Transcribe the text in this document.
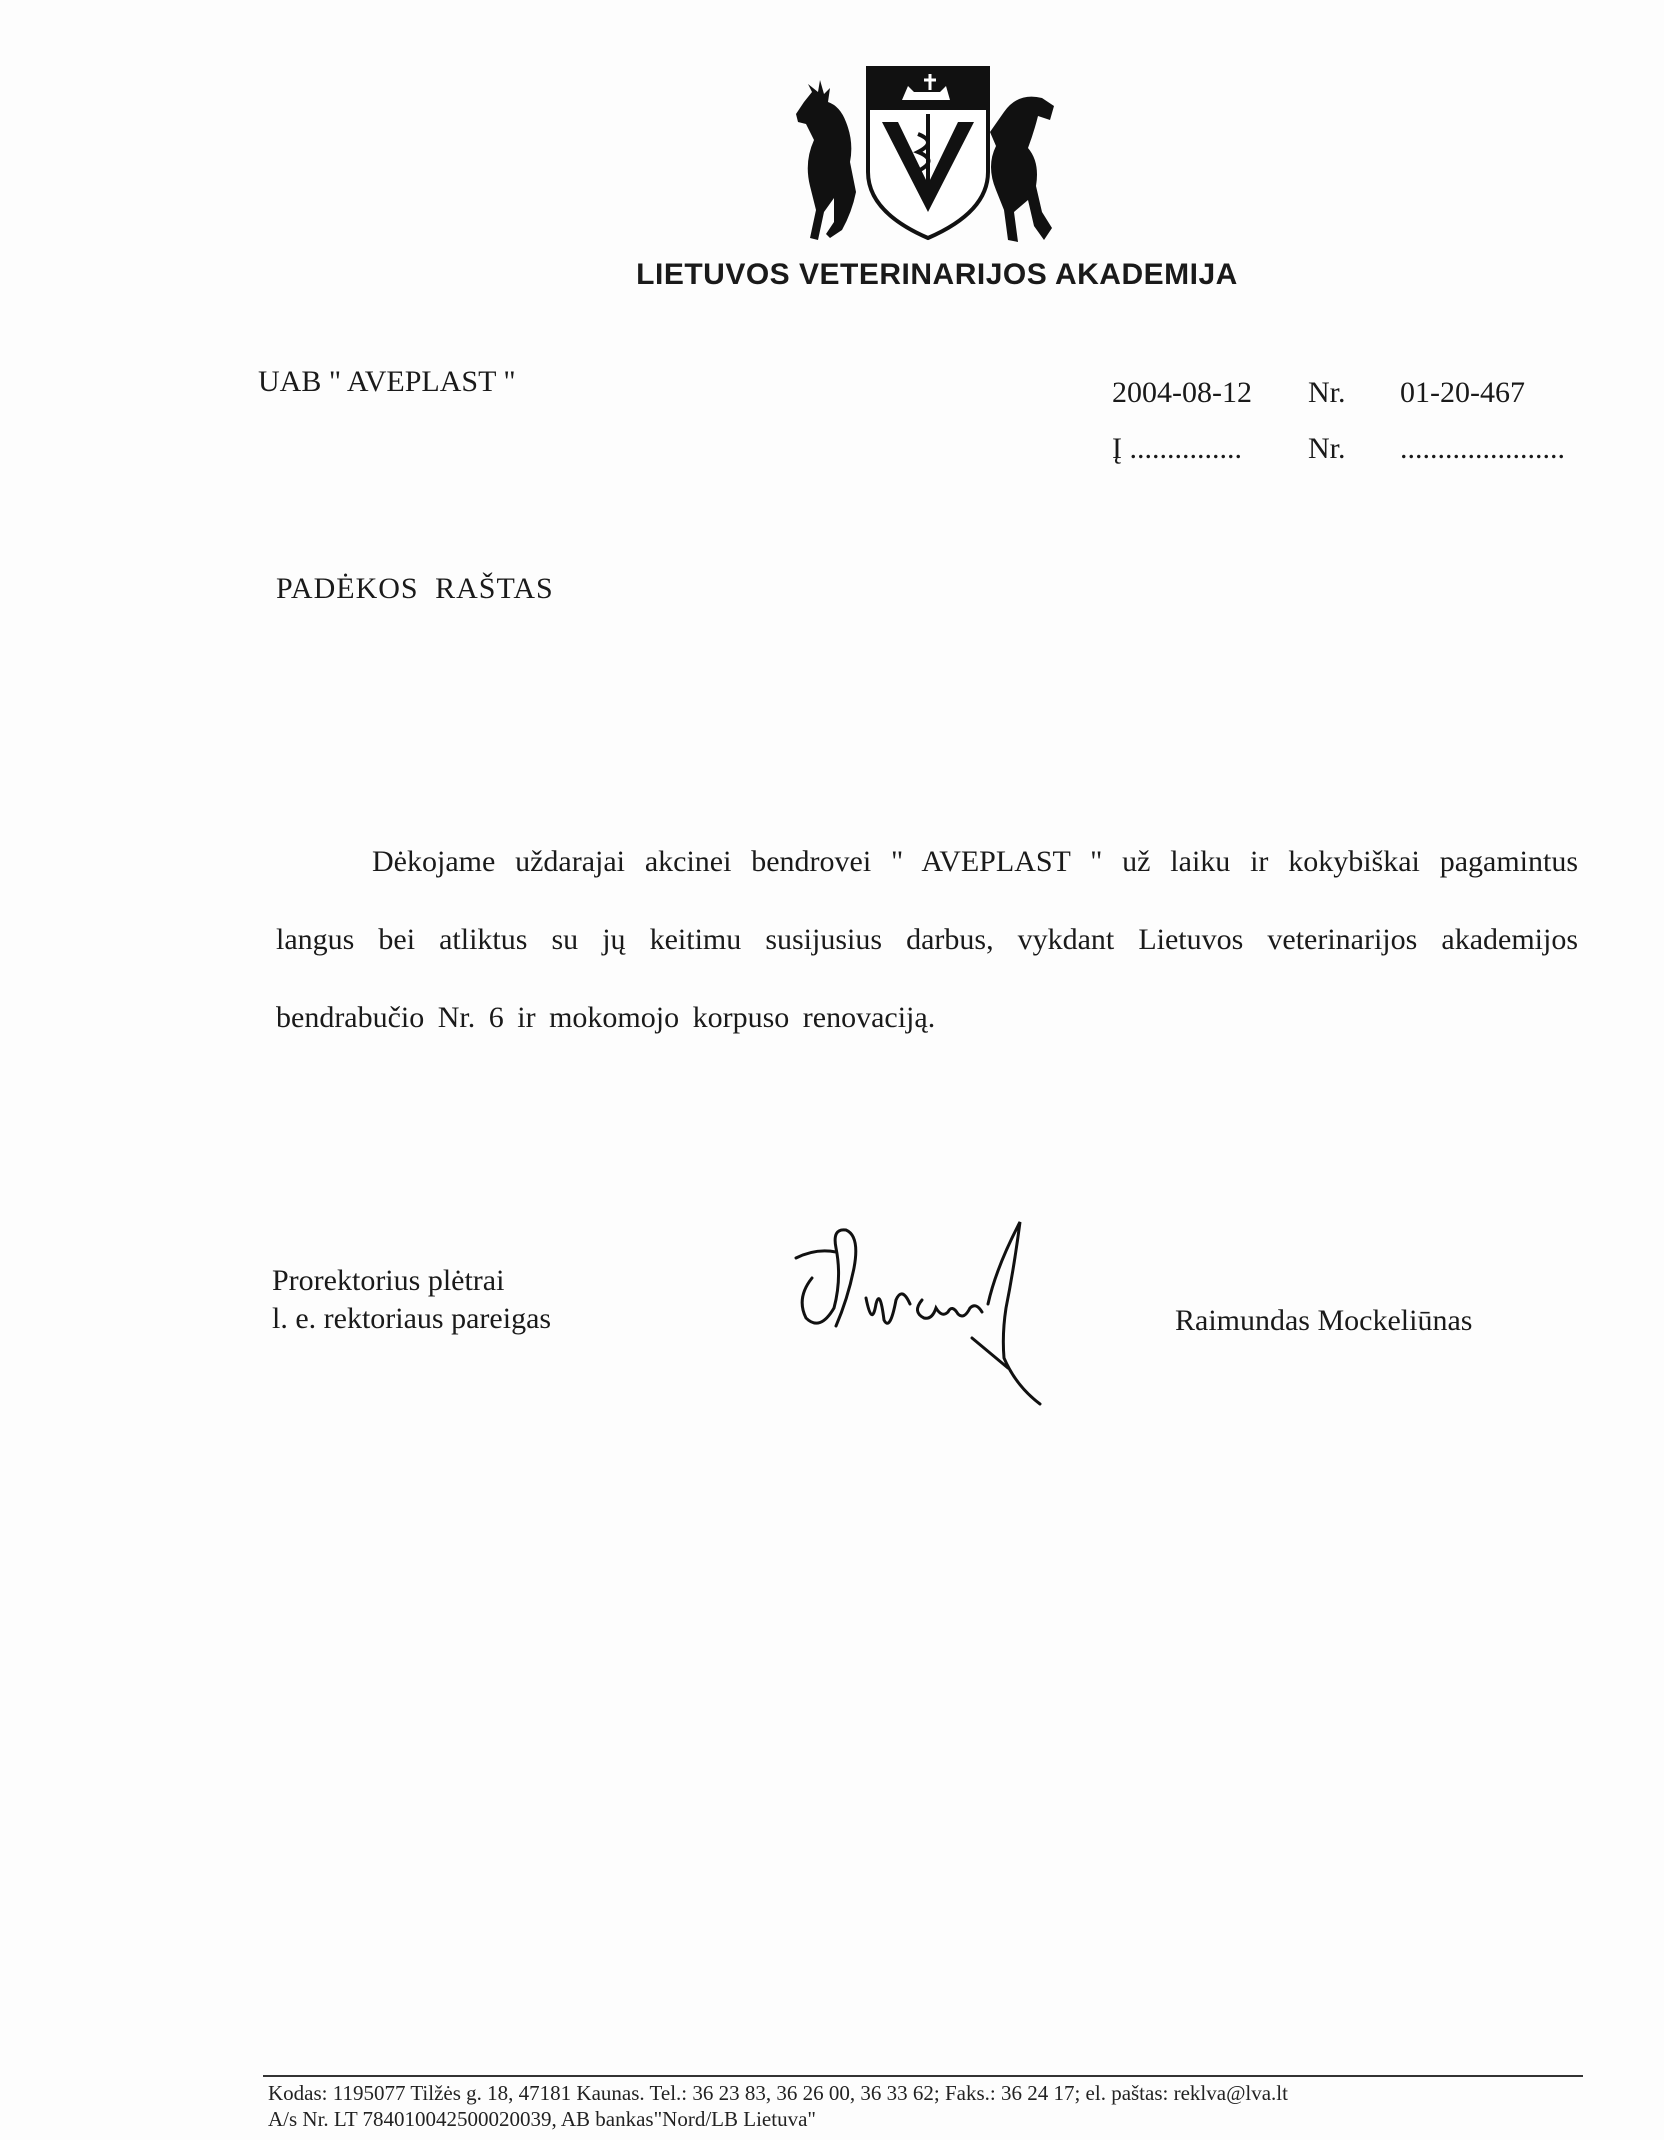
LIETUVOS VETERINARIJOS AKADEMIJA
UAB " AVEPLAST "	2004-08-12	Nr.	01-20-467
Į ...............	Nr.	......................
PADĖKOS RAŠTAS

Dėkojame uždarajai akcinei bendrovei " AVEPLAST " už laiku ir kokybiškai pagamintus langus bei atliktus su jų keitimu susijusius darbus, vykdant Lietuvos veterinarijos akademijos bendrabučio Nr. 6 ir mokomojo korpuso renovaciją.

Prorektorius plėtrai
l. e. rektoriaus pareigas	Raimundas Mockeliūnas
Kodas: 1195077 Tilžės g. 18, 47181 Kaunas. Tel.: 36 23 83, 36 26 00, 36 33 62; Faks.: 36 24 17; el. paštas: reklva@lva.lt
A/s Nr. LT 784010042500020039, AB bankas"Nord/LB Lietuva"
